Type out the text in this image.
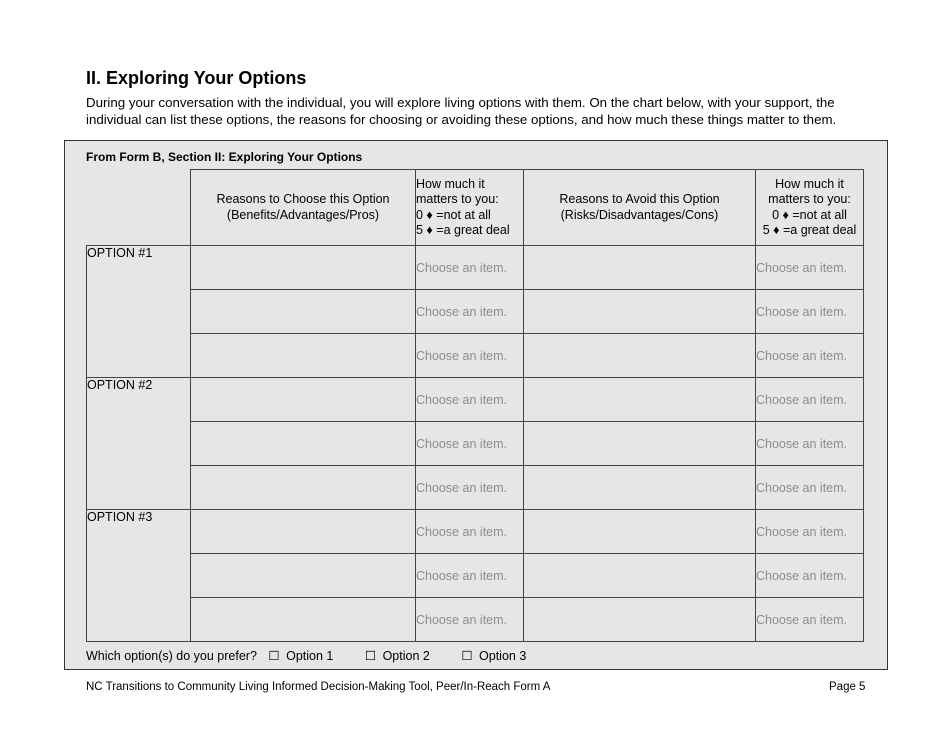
II. Exploring Your Options

During your conversation with the individual, you will explore living options with them. On the chart below, with your support, the individual can list these options, the reasons for choosing or avoiding these options, and how much these things matter to them.

From Form B, Section II: Exploring Your Options

	Reasons to Choose this Option
(Benefits/Advantages/Pros)	How much it
matters to you:
0 ♦ =not at all
5 ♦ =a great deal	Reasons to Avoid this Option
(Risks/Disadvantages/Cons)	How much it
matters to you:
0 ♦ =not at all
5 ♦ =a great deal

OPTION #1		Choose an item.		Choose an item.
		Choose an item.		Choose an item.
		Choose an item.		Choose an item.
OPTION #2		Choose an item.		Choose an item.
		Choose an item.		Choose an item.
		Choose an item.		Choose an item.
OPTION #3		Choose an item.		Choose an item.
		Choose an item.		Choose an item.
		Choose an item.		Choose an item.
Which option(s) do you prefer? ☐ Option 1	☐ Option 2	☐ Option 3
NC Transitions to Community Living Informed Decision-Making Tool, Peer/In-Reach Form A	Page 5
